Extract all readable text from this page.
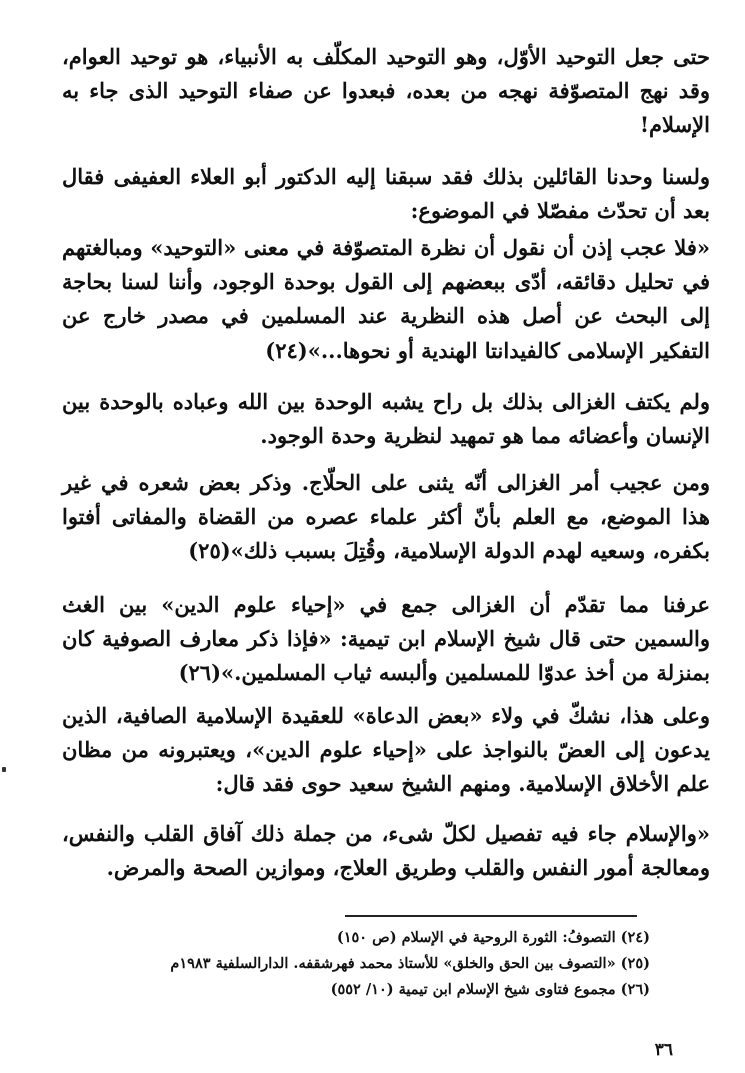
حتى جعل التوحيد الأوّل، وهو التوحيد المكلّف به الأنبياء، هو توحيد العوام، وقد نهج المتصوّفة نهجه من بعده، فبعدوا عن صفاء التوحيد الذى جاء به الإسلام!
ولسنا وحدنا القائلين بذلك فقد سبقنا إليه الدكتور أبو العلاء العفيفى فقال بعد أن تحدّث مفصّلا في الموضوع:
«فلا عجب إذن أن نقول أن نظرة المتصوّفة في معنى «التوحيد» ومبالغتهم في تحليل دقائقه، أدّى ببعضهم إلى القول بوحدة الوجود، وأننا لسنا بحاجة إلى البحث عن أصل هذه النظرية عند المسلمين في مصدر خارج عن التفكير الإسلامى كالفيدانتا الهندية أو نحوها...»(٢٤)
ولم يكتف الغزالى بذلك بل راح يشبه الوحدة بين الله وعباده بالوحدة بين الإنسان وأعضائه مما هو تمهيد لنظرية وحدة الوجود.
ومن عجيب أمر الغزالى أنّه يثنى على الحلّاج. وذكر بعض شعره في غير هذا الموضع، مع العلم بأنّ أكثر علماء عصره من القضاة والمفاتى أفتوا بكفره، وسعيه لهدم الدولة الإسلامية، وقُتِلَ بسبب ذلك»(٢٥)
عرفنا مما تقدّم أن الغزالى جمع في «إحياء علوم الدين» بين الغث والسمين حتى قال شيخ الإسلام ابن تيمية: «فإذا ذكر معارف الصوفية كان بمنزلة من أخذ عدوّا للمسلمين وألبسه ثياب المسلمين.»(٢٦)
وعلى هذا، نشكّ في ولاء «بعض الدعاة» للعقيدة الإسلامية الصافية، الذين يدعون إلى العضّ بالنواجذ على «إحياء علوم الدين»، ويعتبرونه من مظان علم الأخلاق الإسلامية. ومنهم الشيخ سعيد حوى فقد قال:
«والإسلام جاء فيه تفصيل لكلّ شىء، من جملة ذلك آفاق القلب والنفس، ومعالجة أمور النفس والقلب وطريق العلاج، وموازين الصحة والمرض.
(٢٤) التصوفُ: الثورة الروحية في الإسلام (ص ١٥٠)
(٢٥) «التصوف بين الحق والخلق» للأستاذ محمد فهرشقفه. الدارالسلفية ١٩٨٣م
(٢٦) مجموع فتاوى شيخ الإسلام ابن تيمية (١٠/ ٥٥٢)
٣٦
